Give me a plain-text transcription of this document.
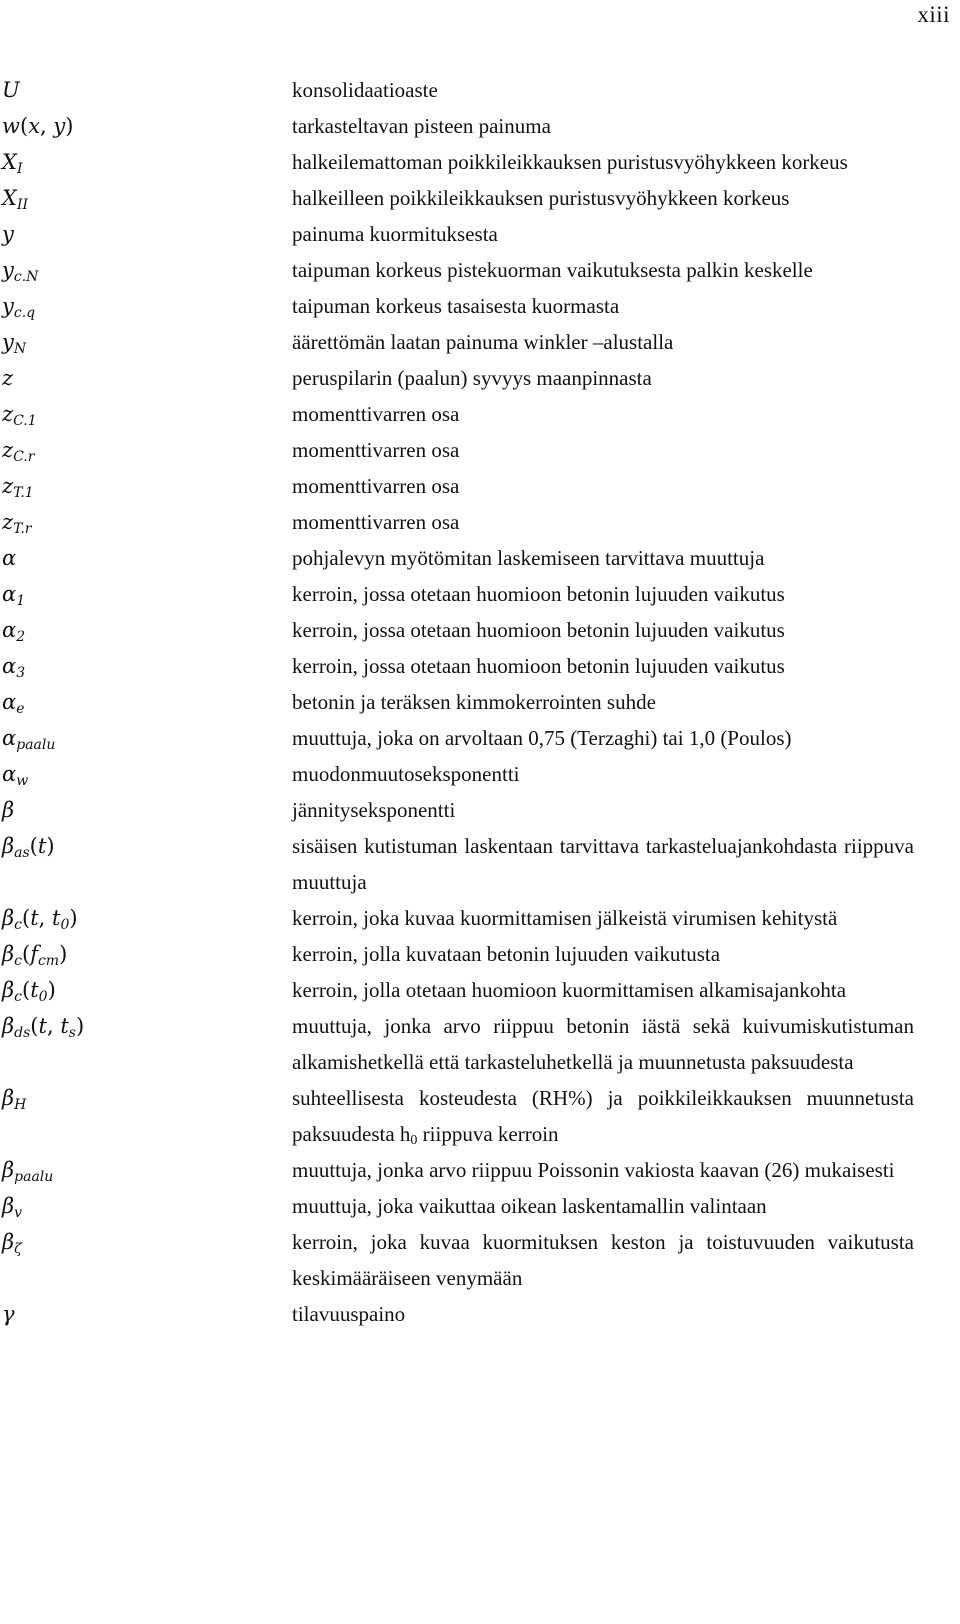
xiii
U	konsolidaatioaste
w(x, y)	tarkasteltavan pisteen painuma
$X_I$	halkeilemattoman poikkileikkauksen puristusvyöhykkeen korkeus
$X_{II}$	halkeilleen poikkileikkauksen puristusvyöhykkeen korkeus
y	painuma kuormituksesta
$y_{c.N}$	taipuman korkeus pistekuorman vaikutuksesta palkin keskelle
$y_{c.q}$	taipuman korkeus tasaisesta kuormasta
$y_N$	äärettömän laatan painuma winkler –alustalla
z	peruspilarin (paalun) syvyys maanpinnasta
$z_{C.1}$	momenttivarren osa
$z_{C.r}$	momenttivarren osa
$z_{T.1}$	momenttivarren osa
$z_{T.r}$	momenttivarren osa
α	pohjalevyn myötömitan laskemiseen tarvittava muuttuja
$\alpha_1$	kerroin, jossa otetaan huomioon betonin lujuuden vaikutus
$\alpha_2$	kerroin, jossa otetaan huomioon betonin lujuuden vaikutus
$\alpha_3$	kerroin, jossa otetaan huomioon betonin lujuuden vaikutus
$\alpha_e$	betonin ja teräksen kimmokerrointen suhde
$\alpha_{paalu}$	muuttuja, joka on arvoltaan 0,75 (Terzaghi) tai 1,0 (Poulos)
$\alpha_w$	muodonmuutoseksponentti
β	jännityseksponentti
$\beta_{as}(t)$	sisäisen kutistuman laskentaan tarvittava tarkasteluajankohdasta riippuva muuttuja
$\beta_c(t$, $t_0$)	kerroin, joka kuvaa kuormittamisen jälkeistä virumisen kehitystä
$\beta_c(f_{cm})$	kerroin, jolla kuvataan betonin lujuuden vaikutusta
$\beta_c(t_0)$	kerroin, jolla otetaan huomioon kuormittamisen alkamisajankohta
$\beta_{ds}(t$, $t_s$)	muuttuja, jonka arvo riippuu betonin iästä sekä kuivumiskutistuman alkamishetkellä että tarkasteluhetkellä ja muunnetusta paksuudesta
$\beta_H$	suhteellisesta kosteudesta (RH%) ja poikkileikkauksen muunnetusta paksuudesta $h_0$ riippuva kerroin
$\beta_{paalu}$	muuttuja, jonka arvo riippuu Poissonin vakiosta kaavan (26) mukaisesti
$\beta_v$	muuttuja, joka vaikuttaa oikean laskentamallin valintaan
$\beta_\zeta$	kerroin, joka kuvaa kuormituksen keston ja toistuvuuden vaikutusta keskimääräiseen venymään
γ	tilavuuspaino
